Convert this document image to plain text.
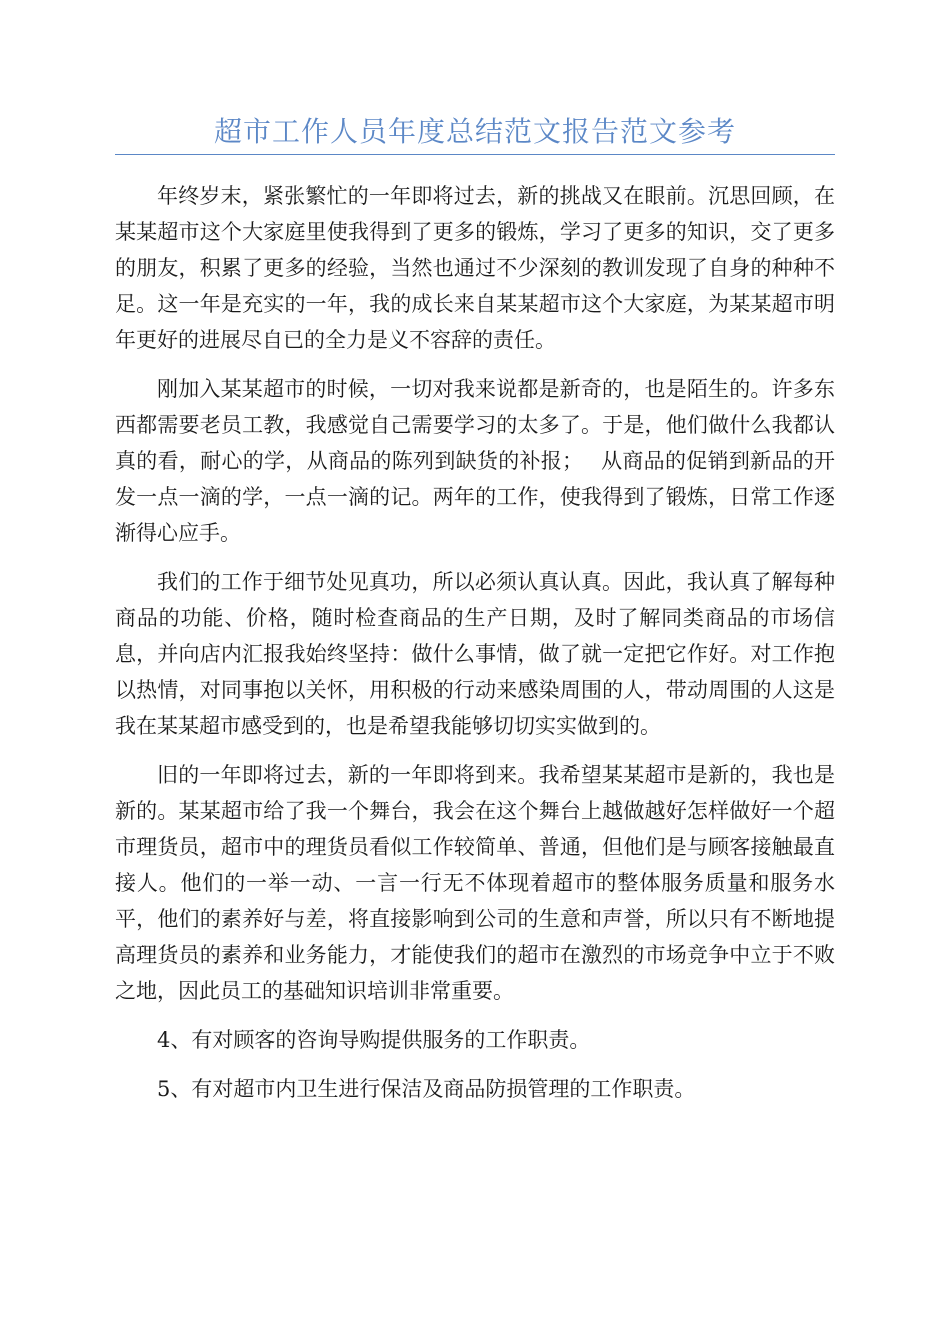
超市工作人员年度总结范文报告范文参考

年终岁末，紧张繁忙的一年即将过去，新的挑战又在眼前。沉思回顾，在某某超市这个大家庭里使我得到了更多的锻炼，学习了更多的知识，交了更多的朋友，积累了更多的经验，当然也通过不少深刻的教训发现了自身的种种不足。这一年是充实的一年，我的成长来自某某超市这个大家庭，为某某超市明年更好的进展尽自已的全力是义不容辞的责任。

刚加入某某超市的时候，一切对我来说都是新奇的，也是陌生的。许多东西都需要老员工教，我感觉自己需要学习的太多了。于是，他们做什么我都认真的看，耐心的学，从商品的陈列到缺货的补报；　 从商品的促销到新品的开发一点一滴的学，一点一滴的记。两年的工作，使我得到了锻炼，日常工作逐渐得心应手。

我们的工作于细节处见真功，所以必须认真认真。因此，我认真了解每种商品的功能、价格，随时检查商品的生产日期，及时了解同类商品的市场信息，并向店内汇报我始终坚持：做什么事情，做了就一定把它作好。对工作抱以热情，对同事抱以关怀，用积极的行动来感染周围的人，带动周围的人这是我在某某超市感受到的，也是希望我能够切切实实做到的。

旧的一年即将过去，新的一年即将到来。我希望某某超市是新的，我也是新的。某某超市给了我一个舞台，我会在这个舞台上越做越好怎样做好一个超市理货员，超市中的理货员看似工作较简单、普通，但他们是与顾客接触最直接人。他们的一举一动、一言一行无不体现着超市的整体服务质量和服务水平，他们的素养好与差，将直接影响到公司的生意和声誉，所以只有不断地提高理货员的素养和业务能力，才能使我们的超市在激烈的市场竞争中立于不败之地，因此员工的基础知识培训非常重要。

4、有对顾客的咨询导购提供服务的工作职责。

5、有对超市内卫生进行保洁及商品防损管理的工作职责。
